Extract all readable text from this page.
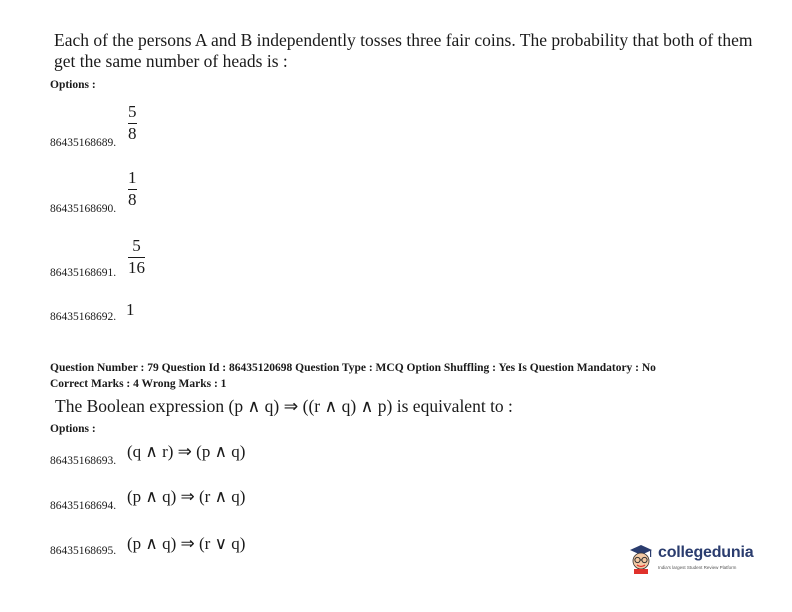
Each of the persons A and B independently tosses three fair coins. The probability that both of them get the same number of heads is :
Options :
86435168689.
5
8
86435168690.
1
8
86435168691.
5
16
86435168692. 1
Question Number : 79 Question Id : 86435120698 Question Type : MCQ Option Shuffling : Yes Is Question Mandatory : No
Correct Marks : 4 Wrong Marks : 1
The Boolean expression (p ∧ q) ⇒ ((r ∧ q) ∧ p) is equivalent to :
Options :
86435168693. (q ∧ r) ⇒ (p ∧ q)
86435168694. (p ∧ q) ⇒ (r ∧ q)
86435168695. (p ∧ q) ⇒ (r ∨ q)	collegedunia
India's largest Student Review Platform
